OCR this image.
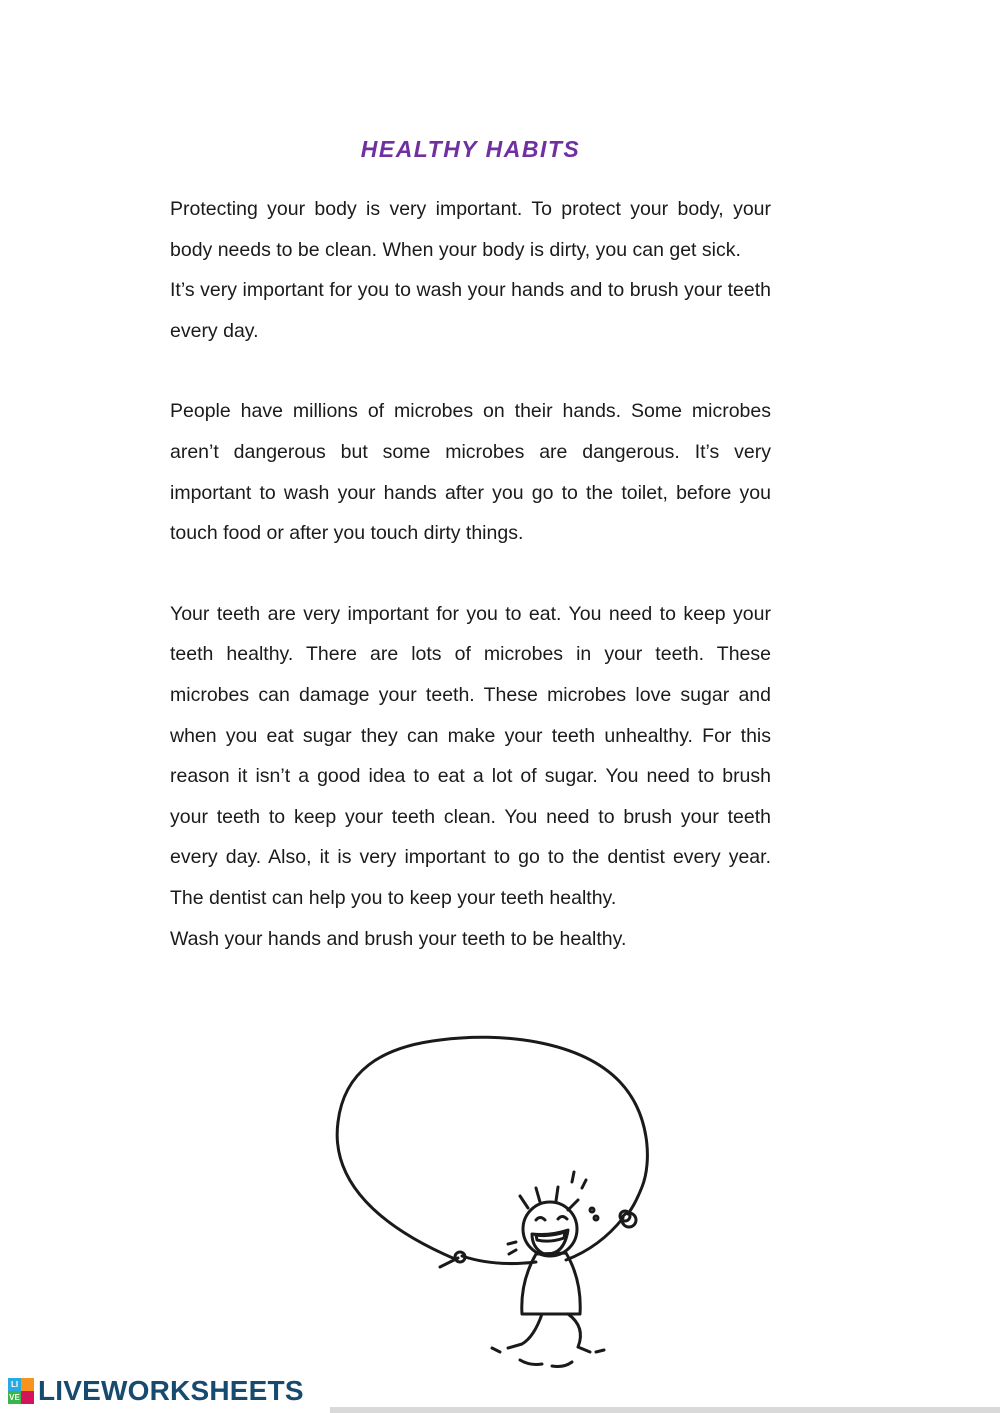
HEALTHY HABITS

Protecting your body is very important. To protect your body, your body needs to be clean. When your body is dirty, you can get sick.

It’s very important for you to wash your hands and to brush your teeth every day.

People have millions of microbes on their hands. Some microbes aren’t dangerous but some microbes are dangerous. It’s very important to wash your hands after you go to the toilet, before you touch food or after you touch dirty things.

Your teeth are very important for you to eat. You need to keep your teeth healthy. There are lots of microbes in your teeth. These microbes can damage your teeth. These microbes love sugar and when you eat sugar they can make your teeth unhealthy. For this reason it isn’t a good idea to eat a lot of sugar. You need to brush your teeth to keep your teeth clean. You need to brush your teeth every day. Also, it is very important to go to the dentist every year. The dentist can help you to keep your teeth healthy.

Wash your hands and brush your teeth to be healthy.

LI
VE LIVEWORKSHEETS
